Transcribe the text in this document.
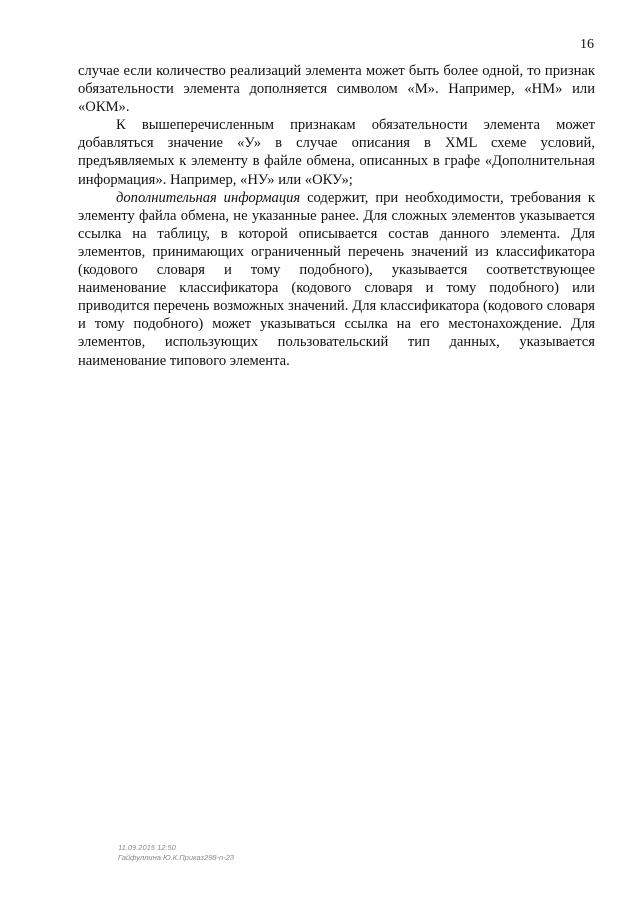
16

случае если количество реализаций элемента может быть более одной, то признак обязательности элемента дополняется символом «М». Например, «НМ» или «ОКМ».

К вышеперечисленным признакам обязательности элемента может добавляться значение «У» в случае описания в XML схеме условий, предъявляемых к элементу в файле обмена, описанных в графе «Дополнительная информация». Например, «НУ» или «ОКУ»;

дополнительная информация содержит, при необходимости, требования к элементу файла обмена, не указанные ранее. Для сложных элементов указывается ссылка на таблицу, в которой описывается состав данного элемента. Для элементов, принимающих ограниченный перечень значений из классификатора (кодового словаря и тому подобного), указывается соответствующее наименование классификатора (кодового словаря и тому подобного) или приводится перечень возможных значений. Для классификатора (кодового словаря и тому подобного) может указываться ссылка на его местонахождение. Для элементов, использующих пользовательский тип данных, указывается наименование типового элемента.

11.09.2015 12:50
Гайфуллина Ю.К.Приказ298-n-23
